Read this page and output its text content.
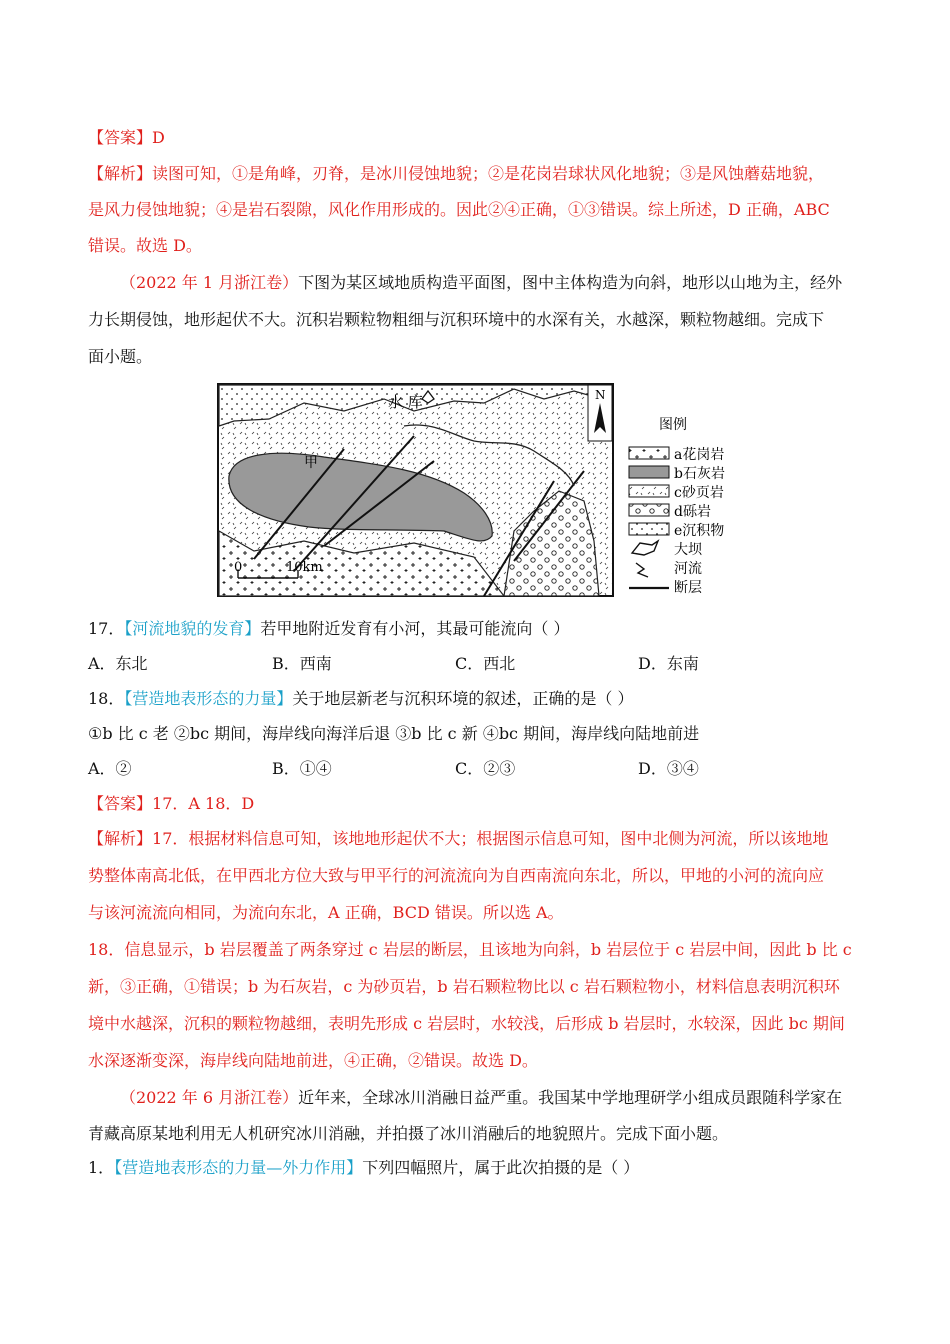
【答案】D
【解析】读图可知，①是角峰，刃脊，是冰川侵蚀地貌；②是花岗岩球状风化地貌；③是风蚀蘑菇地貌，
是风力侵蚀地貌；④是岩石裂隙，风化作用形成的。因此②④正确，①③错误。综上所述，D 正确，ABC
错误。故选 D。
（2022 年 1 月浙江卷）下图为某区域地质构造平面图，图中主体构造为向斜，地形以山地为主，经外
力长期侵蚀，地形起伏不大。沉积岩颗粒物粗细与沉积环境中的水深有关，水越深，颗粒物越细。完成下
面小题。
水 库
甲
N
0	10km
图例
a花岗岩
b石灰岩
c砂页岩
d砾岩
e沉积物
大坝
河流
断层
17．【河流地貌的发育】若甲地附近发育有小河，其最可能流向（ ）
A．东北	B．西南	C．西北	D．东南
18．【营造地表形态的力量】关于地层新老与沉积环境的叙述，正确的是（ ）
①b 比 c 老 ②bc 期间，海岸线向海洋后退 ③b 比 c 新 ④bc 期间，海岸线向陆地前进
A．②	B．①④	C．②③	D．③④
【答案】17．A 18．D
【解析】17．根据材料信息可知，该地地形起伏不大；根据图示信息可知，图中北侧为河流，所以该地地
势整体南高北低，在甲西北方位大致与甲平行的河流流向为自西南流向东北，所以，甲地的小河的流向应
与该河流流向相同，为流向东北，A 正确，BCD 错误。所以选 A。
18．信息显示，b 岩层覆盖了两条穿过 c 岩层的断层，且该地为向斜，b 岩层位于 c 岩层中间，因此 b 比 c
新，③正确，①错误；b 为石灰岩，c 为砂页岩，b 岩石颗粒物比以 c 岩石颗粒物小，材料信息表明沉积环
境中水越深，沉积的颗粒物越细，表明先形成 c 岩层时，水较浅，后形成 b 岩层时，水较深，因此 bc 期间
水深逐渐变深，海岸线向陆地前进，④正确，②错误。故选 D。
（2022 年 6 月浙江卷）近年来，全球冰川消融日益严重。我国某中学地理研学小组成员跟随科学家在
青藏高原某地利用无人机研究冰川消融，并拍摄了冰川消融后的地貌照片。完成下面小题。
1．【营造地表形态的力量—外力作用】下列四幅照片，属于此次拍摄的是（ ）
